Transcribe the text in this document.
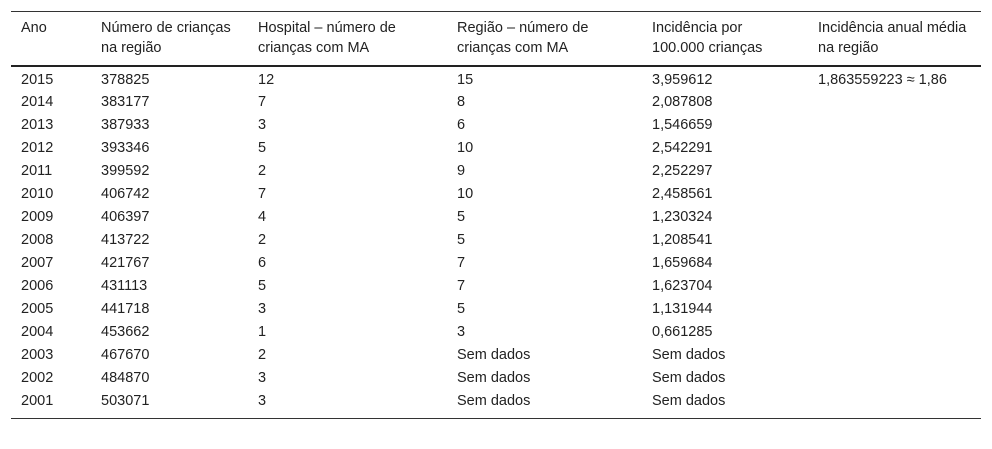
Ano	Número de crianças na região	Hospital – número de crianças com MA	Região – número de crianças com MA	Incidência por 100.000 crianças	Incidência anual média na região
2015	378825	12	15	3,959612	1,863559223 ≈ 1,86
2014	383177	7	8	2,087808	
2013	387933	3	6	1,546659	
2012	393346	5	10	2,542291	
2011	399592	2	9	2,252297	
2010	406742	7	10	2,458561	
2009	406397	4	5	1,230324	
2008	413722	2	5	1,208541	
2007	421767	6	7	1,659684	
2006	431113	5	7	1,623704	
2005	441718	3	5	1,131944	
2004	453662	1	3	0,661285	
2003	467670	2	Sem dados	Sem dados	
2002	484870	3	Sem dados	Sem dados	
2001	503071	3	Sem dados	Sem dados	
